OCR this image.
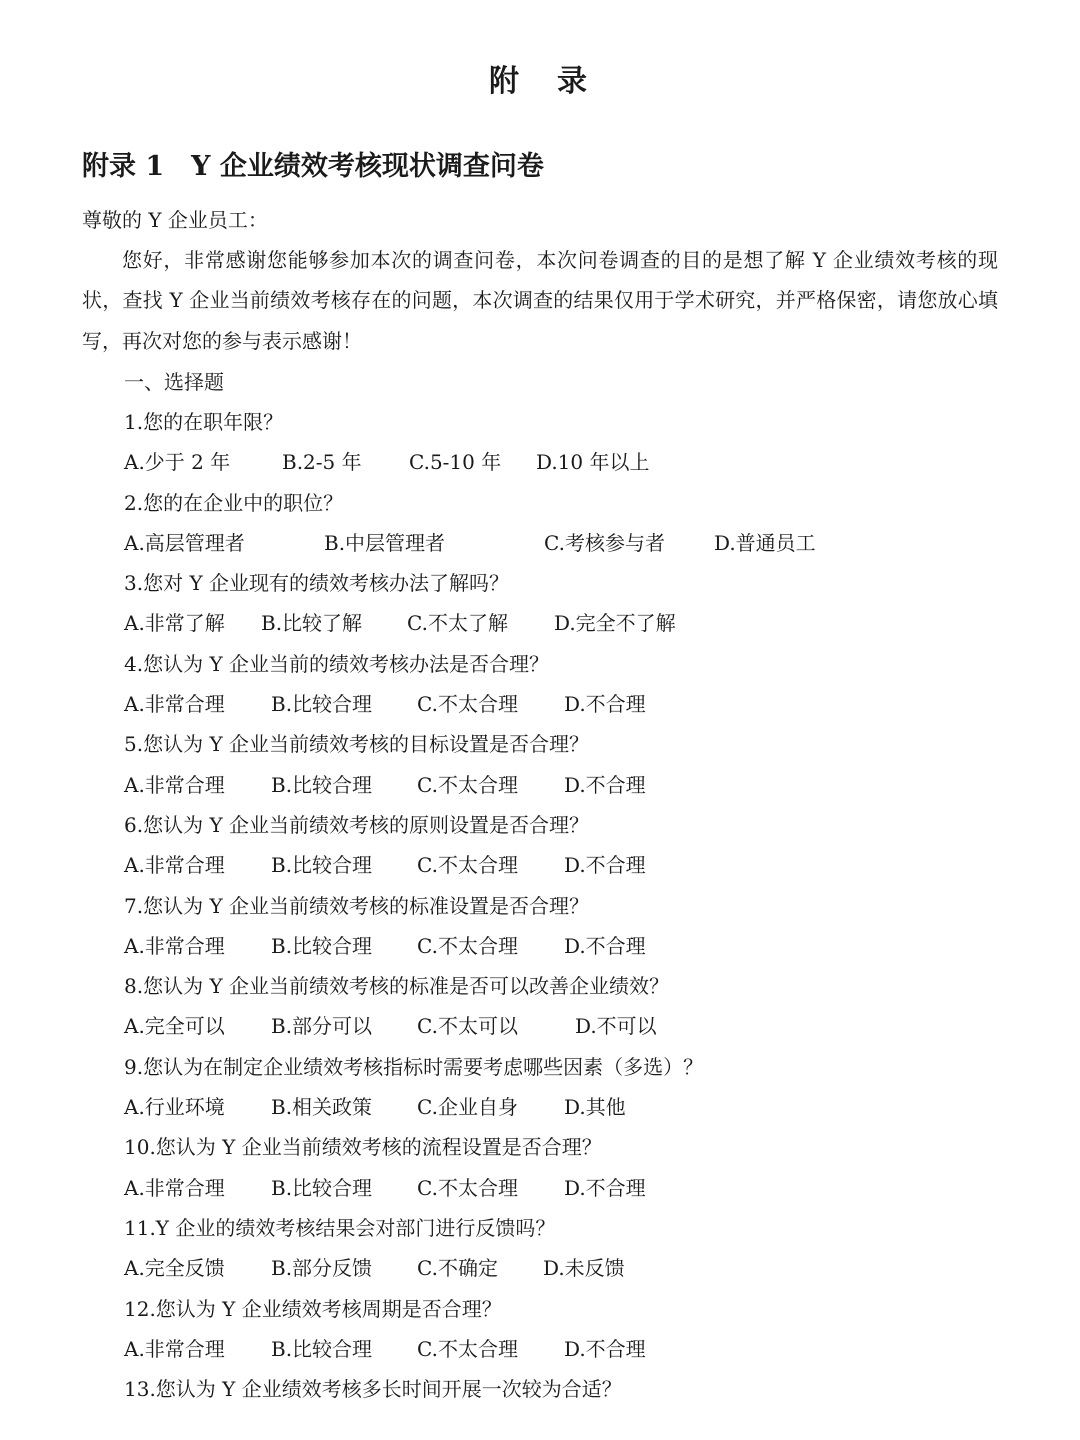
附　录
附录 1　Y 企业绩效考核现状调查问卷
尊敬的 Y 企业员工：
您好，非常感谢您能够参加本次的调查问卷，本次问卷调查的目的是想了解 Y 企业绩效考核的现状，查找 Y 企业当前绩效考核存在的问题，本次调查的结果仅用于学术研究，并严格保密，请您放心填写，再次对您的参与表示感谢！
一、选择题
1.您的在职年限？
A.少于 2 年	B.2-5 年 C.5-10 年 D.10 年以上
2.您的在企业中的职位？
A.高层管理者	B.中层管理者	C.考核参与者 D.普通员工
3.您对 Y 企业现有的绩效考核办法了解吗？
A.非常了解 B.比较了解 C.不太了解 D.完全不了解
4.您认为 Y 企业当前的绩效考核办法是否合理？
A.非常合理 B.比较合理 C.不太合理 D.不合理
5.您认为 Y 企业当前绩效考核的目标设置是否合理？
A.非常合理 B.比较合理 C.不太合理 D.不合理
6.您认为 Y 企业当前绩效考核的原则设置是否合理？
A.非常合理 B.比较合理 C.不太合理 D.不合理
7.您认为 Y 企业当前绩效考核的标准设置是否合理？
A.非常合理 B.比较合理 C.不太合理 D.不合理
8.您认为 Y 企业当前绩效考核的标准是否可以改善企业绩效？
A.完全可以 B.部分可以 C.不太可以	D.不可以
9.您认为在制定企业绩效考核指标时需要考虑哪些因素（多选）？
A.行业环境 B.相关政策 C.企业自身 D.其他
10.您认为 Y 企业当前绩效考核的流程设置是否合理？
A.非常合理 B.比较合理 C.不太合理 D.不合理
11.Y 企业的绩效考核结果会对部门进行反馈吗？
A.完全反馈 B.部分反馈 C.不确定 D.未反馈
12.您认为 Y 企业绩效考核周期是否合理？
A.非常合理 B.比较合理 C.不太合理 D.不合理
13.您认为 Y 企业绩效考核多长时间开展一次较为合适？
